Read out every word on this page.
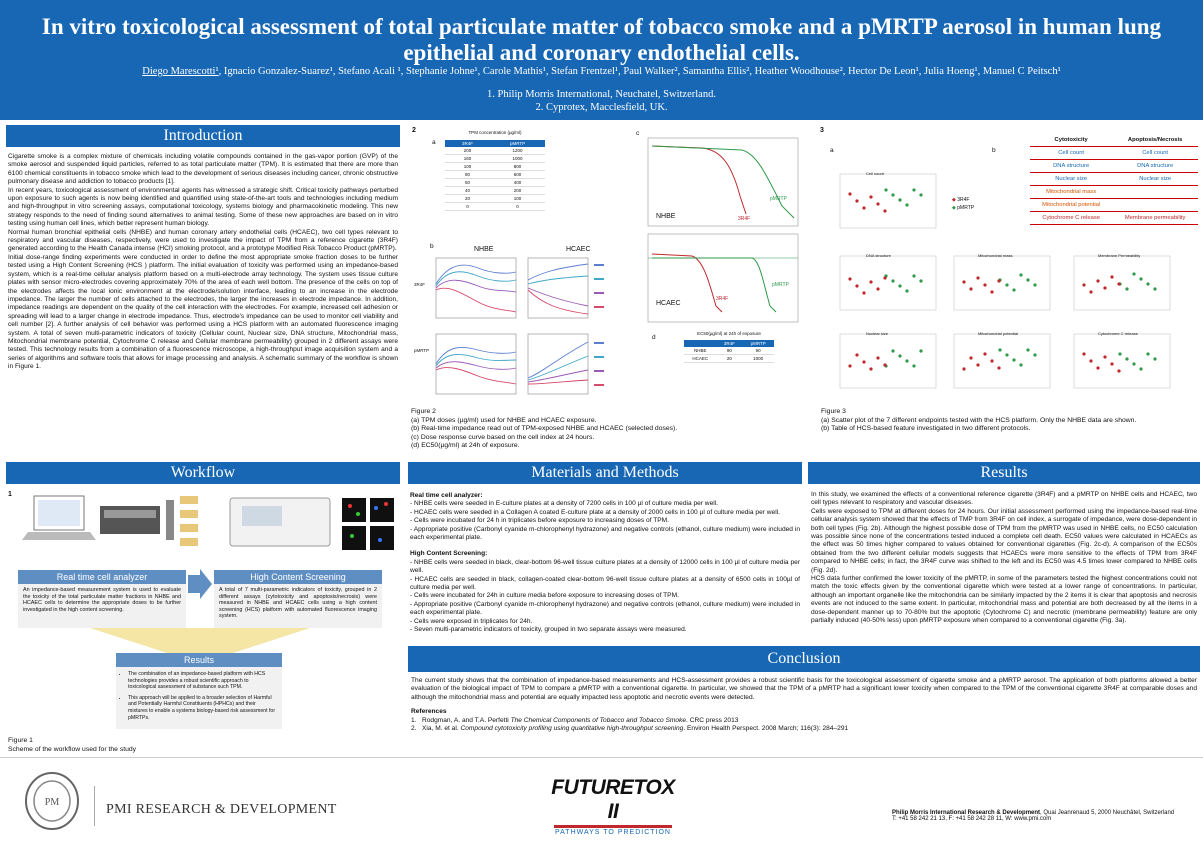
In vitro toxicological assessment of total particulate matter of tobacco smoke and a pMRTP aerosol in human lung epithelial and coronary endothelial cells.
Diego Marescotti¹, Ignacio Gonzalez-Suarez¹, Stefano Acali ¹, Stephanie Johne¹, Carole Mathis¹, Stefan Frentzel¹, Paul Walker², Samantha Ellis², Heather Woodhouse², Hector De Leon¹, Julia Hoeng¹, Manuel C Peitsch¹
1. Philip Morris International, Neuchatel, Switzerland.
2. Cyprotex, Macclesfield, UK.
Introduction

Cigarette smoke is a complex mixture of chemicals including volatile compounds contained in the gas-vapor portion (GVP) of the smoke aerosol and suspended liquid particles, referred to as total particulate matter (TPM). It is estimated that there are more than 6100 chemical constituents in tobacco smoke which lead to the development of serious diseases including cancer, chronic obstructive pulmonary disease and addiction to tobacco products [1].

In recent years, toxicological assessment of environmental agents has witnessed a strategic shift. Critical toxicity pathways perturbed upon exposure to such agents is now being identified and quantified using state-of-the-art tools and technologies including medium and high-throughput in vitro screening assays, computational toxicology, systems biology and pharmacokinetic modeling. This new strategy responds to the need of finding sound alternatives to animal testing. Some of these new approaches are based on in vitro testing using human cell lines, which better represent human biology.

Normal human bronchial epithelial cells (NHBE) and human coronary artery endothelial cells (HCAEC), two cell types relevant to respiratory and vascular diseases, respectively, were used to investigate the impact of TPM from a reference cigarette (3R4F) generated according to the Health Canada intense (HCI) smoking protocol, and a prototype Modified Risk Tobacco Product (pMRTP).

Initial dose-range finding experiments were conducted in order to define the most appropriate smoke fraction doses to be further tested using a High Content Screening (HCS ) platform. The initial evaluation of toxicity was performed using an impedance-based system, which is a real-time cellular analysis platform based on a multi-electrode array technology. The system uses tissue culture plates with sensor micro-electrodes covering approximately 70% of the area of each well bottom. The presence of the cells on top of the electrodes affects the local ionic environment at the electrode/solution interface, leading to an increase in the electrode impedance. The larger the number of cells attached to the electrodes, the larger the increases in electrode impedance. In addition, impedance readings are dependent on the quality of the cell interaction with the electrodes. For example, increased cell adhesion or spreading will lead to a larger change in electrode impedance. Thus, electrode's impedance can be used to monitor cell viability and cell number [2]. A further analysis of cell behavior was performed using a HCS platform with an automated fluorescence imaging system. A total of seven multi-parametric indicators of toxicity (Cellular count, Nuclear size, DNA structure, Mitochondrial mass, Mitochondrial membrane potential, Cytochrome C release and Cellular membrane permeability) grouped in 2 different assays were tested. This technology results from a combination of a fluorescence microscope, a high-throughput image acquisition system and a series of algorithms and software tools that allows for image processing and analysis. A schematic summary of the workflow is shown in Figure 1.

2
a
TPM concentration (µg/ml)
3R4F	pMRTP
200	1200
160	1000
100	800
80	600
50	400
40	200
20	100
0	0
b	NHBE	HCAEC
3R4F
pMRTP
c
NHBE
HCAEC
3R4F
pMRTP
3R4F
pMRTP
d
EC50(µg/ml) at 24h of exposure
	3R4F	pMRTP
NHBE	90	90
HCAEC	20	1000
Figure 2
(a) TPM doses (µg/ml) used for NHBE and HCAEC exposure.
(b) Real-time impedance read out of TPM-exposed NHBE and HCAEC (selected doses).
(c) Dose response curve based on the cell index at 24 hours.
(d) EC50(µg/ml) at 24h of exposure.
3
a	b
Cell count
DNA structure	Mitochondrial mass	Membrane Permeability
Nuclear size	Mitochondrial potential	Cytochrome C release
◆ 3R4F
◆ pMRTP
Cytotoxicity	Apoptosis/Necrosis
Cell count	Cell count
DNA structure	DNA structure
Nuclear size	Nuclear size
Mitochondrial mass	
Mitochondrial potential	
Cytochrome C release	Membrane permeability
Figure 3
(a) Scatter plot of the 7 different endpoints tested with the HCS platform. Only the NHBE data are shown.
(b) Table of HCS-based feature investigated in two different protocols.
Workflow
1
Real time cell analyzer
An impedance-based measurement system is used to evaluate the toxicity of the total particulate matter fractions in NHBE and HCAEC cells to determine the appropriate doses to be further investigated in the high content screening.
High Content Screening
A total of 7 multi-parametric indicators of toxicity, grouped in 2 different assays (cytotoxicity and apoptosis/necrosis) were measured in NHBE and HCAEC cells using a high content screening (HCS) platform with automated fluorescence imaging system.
Results
• The combination of an impedance-based platform with HCS technologies provides a robust scientific approach to toxicological assessment of substance such TPM.
• This approach will be applied to a broader selection of Harmful and Potentially Harmful Constituents (HPHCs) and their mixtures to enable a systems biology-based risk assessment for pMRTPs.
Figure 1
Scheme of the workflow used for the study
Materials and Methods

Real time cell analyzer:

- NHBE cells were seeded in E-culture plates at a density of 7200 cells in 100 µl of culture media per well.

- HCAEC cells were seeded in a Collagen A coated E-culture plate at a density of 2000 cells in 100 µl of culture media per well.

- Cells were incubated for 24 h in triplicates before exposure to increasing doses of TPM.

- Appropriate positive (Carbonyl cyanide m-chlorophenyl hydrazone) and negative controls (ethanol, culture medium) were included in each experimental plate.

High Content Screening:

- NHBE cells were seeded in black, clear-bottom 96-well tissue culture plates at a density of 12000 cells in 100 µl of culture media per well.

- HCAEC cells are seeded in black, collagen-coated clear-bottom 96-well tissue culture plates at a density of 6500 cells in 100µl of culture media per well.

- Cells were incubated for 24h in culture media before exposure to increasing doses of TPM.

- Appropriate positive (Carbonyl cyanide m-chlorophenyl hydrazone) and negative controls (ethanol, culture medium) were included in each experimental plate.

- Cells were exposed in triplicates for 24h.

- Seven multi-parametric indicators of toxicity, grouped in two separate assays were measured.

Results

In this study, we examined the effects of a conventional reference cigarette (3R4F) and a pMRTP on NHBE cells and HCAEC, two cell types relevant to respiratory and vascular diseases.

Cells were exposed to TPM at different doses for 24 hours. Our initial assessment performed using the impedance-based real-time cellular analysis system showed that the effects of TMP from 3R4F on cell index, a surrogate of impedance, were dose-dependent in both cell types (Fig. 2b). Although the highest possible dose of TPM from the pMRTP was used in NHBE cells, no EC50 calculation was possible since none of the concentrations tested induced a complete cell death. EC50 values were calculated in HCAECs as the effect was 50 times higher compared to values obtained for conventional cigarettes (Fig. 2c-d). A comparison of the EC50s obtained from the two different cellular models suggests that HCAECs were more sensitive to the effects of TPM from 3R4F compared to NHBE cells; in fact, the 3R4F curve was shifted to the left and its EC50 was 4.5 times lower compared to NHBE cells (Fig. 2d).

HCS data further confirmed the lower toxicity of the pMRTP, in some of the parameters tested the highest concentrations could not match the toxic effects given by the conventional cigarette which were tested at a lower range of concentrations. In particular, although an important organelle like the mitochondria can be similarly impacted by the 2 items it is clear that apoptosis and necrosis events are not induced to the same extent. In particular, mitochondrial mass and potential are both decreased by all the items in a dose-dependent manner up to 70-80% but the apoptotic (Cytochrome C) and necrotic (membrane permeability) feature are only partially induced (40-50% less) upon pMRTP exposure when compared to a conventional cigarette (Fig. 3a).

Conclusion

The current study shows that the combination of impedance-based measurements and HCS-assessment provides a robust scientific basis for the toxicological assessment of cigarette smoke and a pMRTP aerosol. The application of both platforms allowed a better evaluation of the biological impact of TPM to compare a pMRTP with a conventional cigarette. In particular, we showed that the TPM of a pMRTP had a significant lower toxicity when compared to the TPM of the conventional cigarette 3R4F at comparable doses and although the mitochondrial mass and potential are equally impacted less apoptotic and necrotic events were detected.

References

1. Rodgman, A. and T.A. Perfetti The Chemical Components of Tobacco and Tobacco Smoke. CRC press 2013

2. Xia, M. et al. Compound cytotoxicity profiling using quantitative high-throughput screening. Environ Health Perspect. 2008 March; 116(3): 284–291

PM	PMI RESEARCH & DEVELOPMENT
FUTURETOX II
PATHWAYS TO PREDICTION
Philip Morris International Research & Development, Quai Jeanrenaud 5, 2000 Neuchâtel, Switzerland
T: +41 58 242 21 13, F: +41 58 242 28 11, W: www.pmi.com
